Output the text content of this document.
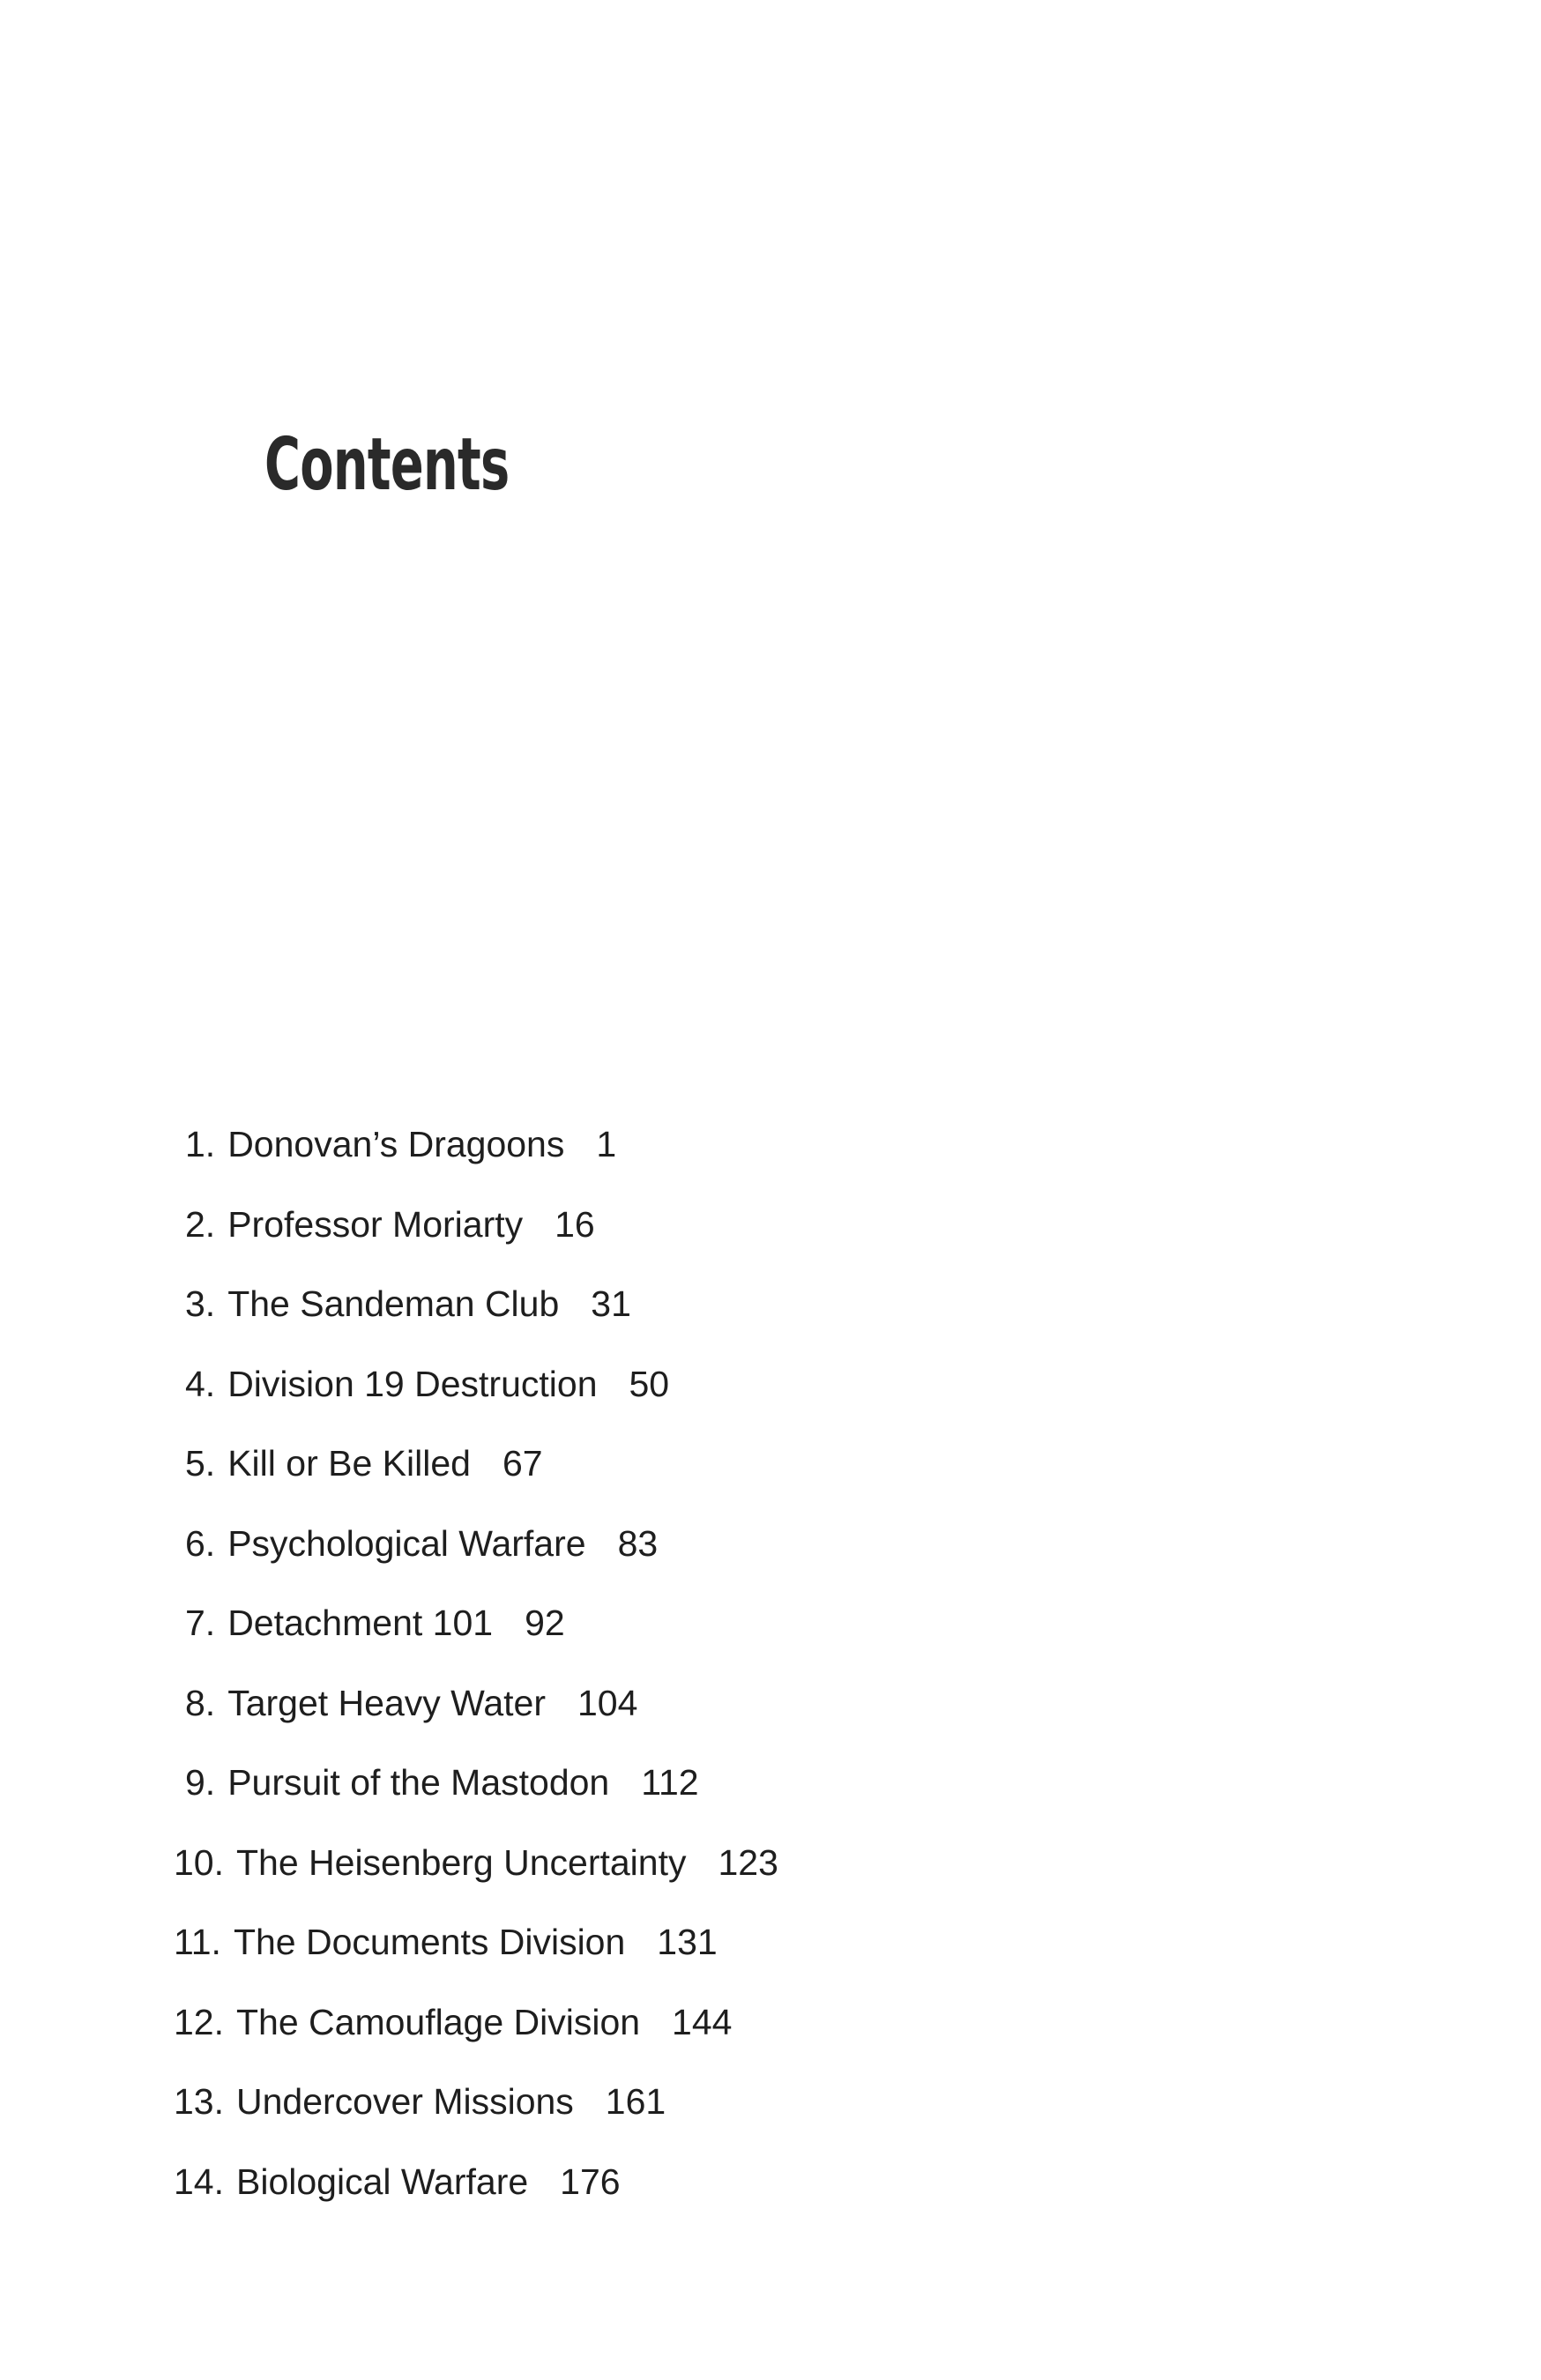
Contents
1. Donovan’s Dragoons 1
2. Professor Moriarty 16
3. The Sandeman Club 31
4. Division 19 Destruction 50
5. Kill or Be Killed 67
6. Psychological Warfare 83
7. Detachment 101 92
8. Target Heavy Water 104
9. Pursuit of the Mastodon 112
10. The Heisenberg Uncertainty 123
11. The Documents Division 131
12. The Camouflage Division 144
13. Undercover Missions 161
14. Biological Warfare 176
